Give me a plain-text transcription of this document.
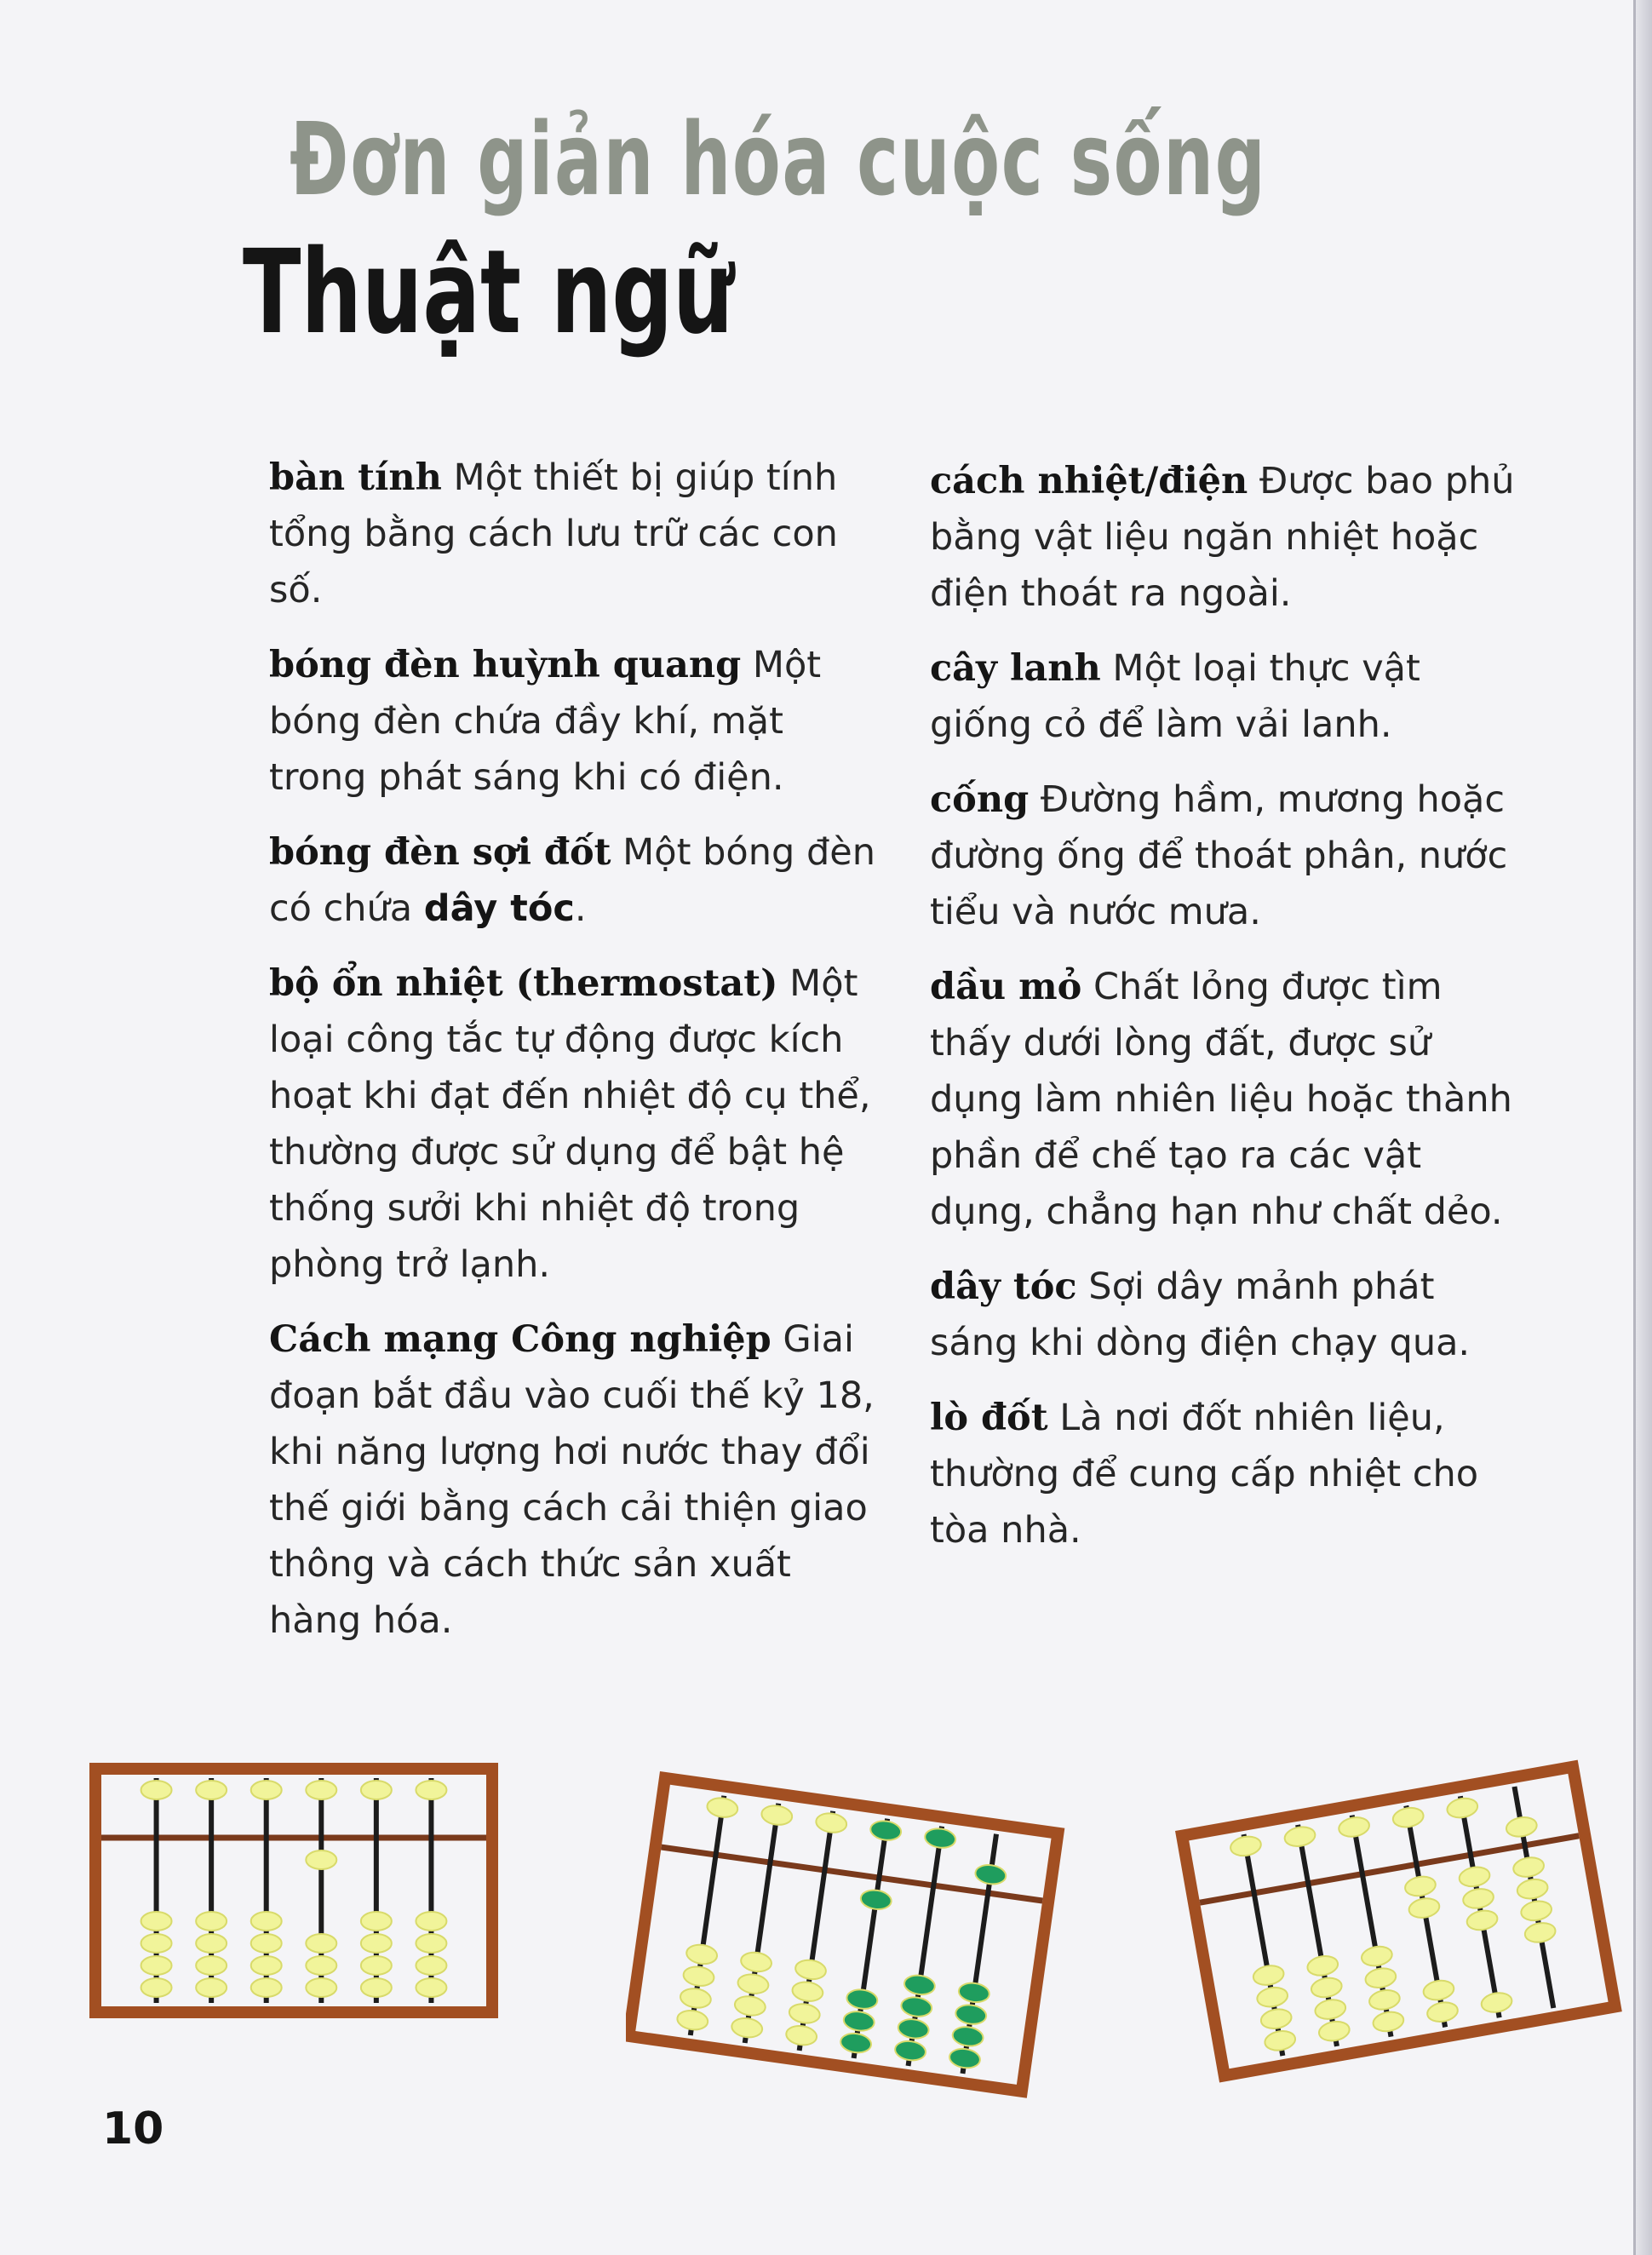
Đơn giản hóa cuộc sống
Thuật ngữ

bàn tính Một thiết bị giúp tính tổng bằng cách lưu trữ các con số.

bóng đèn huỳnh quang Một bóng đèn chứa đầy khí, mặt trong phát sáng khi có điện.

bóng đèn sợi đốt Một bóng đèn có chứa dây tóc.

bộ ổn nhiệt (thermostat) Một loại công tắc tự động được kích hoạt khi đạt đến nhiệt độ cụ thể, thường được sử dụng để bật hệ thống sưởi khi nhiệt độ trong phòng trở lạnh.

Cách mạng Công nghiệp Giai đoạn bắt đầu vào cuối thế kỷ 18, khi năng lượng hơi nước thay đổi thế giới bằng cách cải thiện giao thông và cách thức sản xuất hàng hóa.

cách nhiệt/điện Được bao phủ bằng vật liệu ngăn nhiệt hoặc điện thoát ra ngoài.

cây lanh Một loại thực vật giống cỏ để làm vải lanh.

cống Đường hầm, mương hoặc đường ống để thoát phân, nước tiểu và nước mưa.

dầu mỏ Chất lỏng được tìm thấy dưới lòng đất, được sử dụng làm nhiên liệu hoặc thành phần để chế tạo ra các vật dụng, chẳng hạn như chất dẻo.

dây tóc Sợi dây mảnh phát sáng khi dòng điện chạy qua.

lò đốt Là nơi đốt nhiên liệu, thường để cung cấp nhiệt cho tòa nhà.

10
